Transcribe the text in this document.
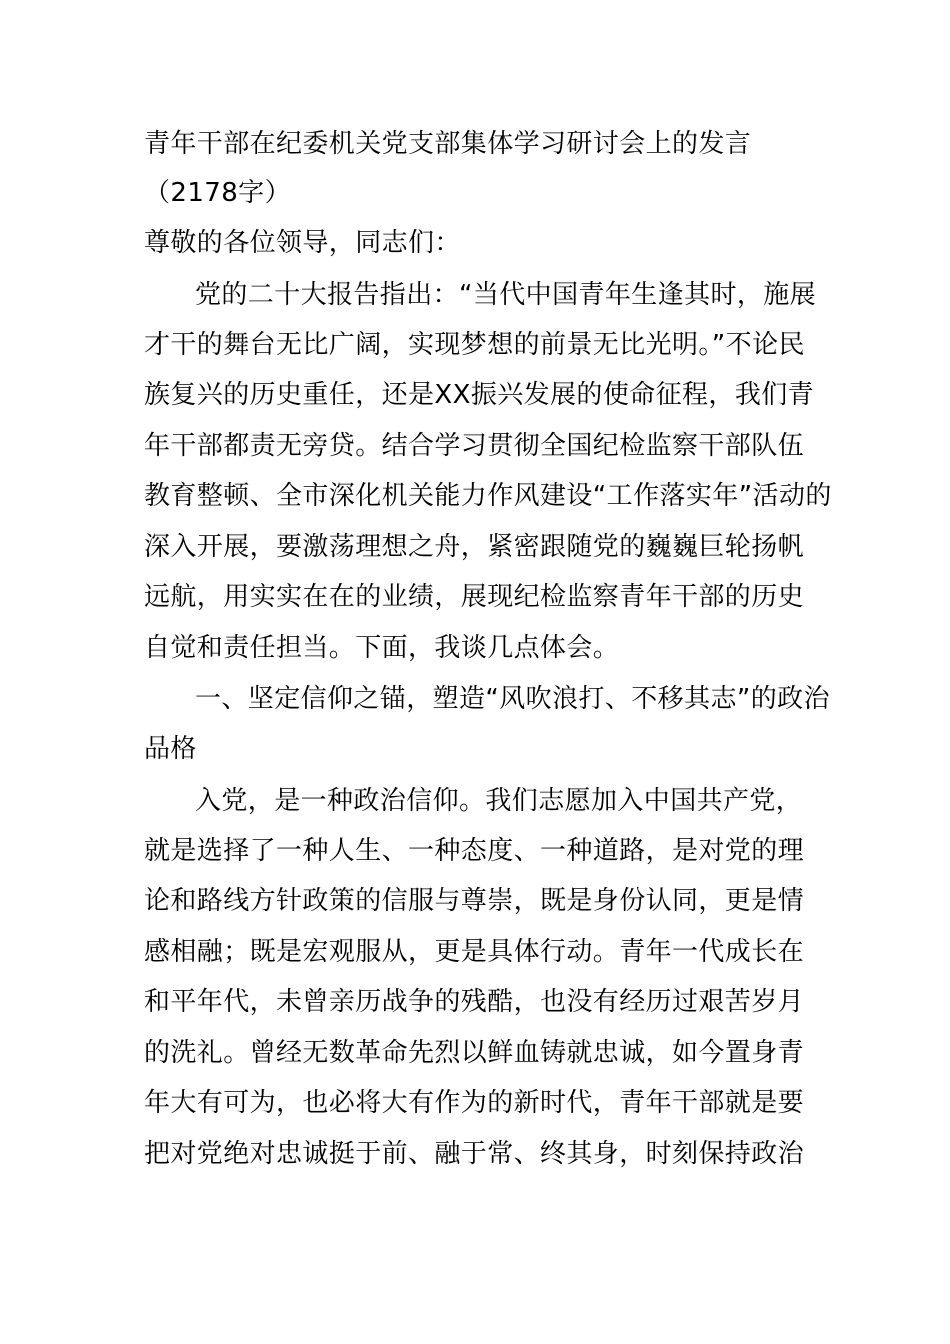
青年干部在纪委机关党支部集体学习研讨会上的发言
（2178字）
尊敬的各位领导，同志们：
党的二十大报告指出：“当代中国青年生逢其时，施展
才干的舞台无比广阔，实现梦想的前景无比光明。”不论民
族复兴的历史重任，还是XX振兴发展的使命征程，我们青
年干部都责无旁贷。结合学习贯彻全国纪检监察干部队伍
教育整顿、全市深化机关能力作风建设“工作落实年”活动的
深入开展，要激荡理想之舟，紧密跟随党的巍巍巨轮扬帆
远航，用实实在在的业绩，展现纪检监察青年干部的历史
自觉和责任担当。下面，我谈几点体会。
一、坚定信仰之锚，塑造“风吹浪打、不移其志”的政治
品格
入党，是一种政治信仰。我们志愿加入中国共产党，
就是选择了一种人生、一种态度、一种道路，是对党的理
论和路线方针政策的信服与尊崇，既是身份认同，更是情
感相融；既是宏观服从，更是具体行动。青年一代成长在
和平年代，未曾亲历战争的残酷，也没有经历过艰苦岁月
的洗礼。曾经无数革命先烈以鲜血铸就忠诚，如今置身青
年大有可为，也必将大有作为的新时代，青年干部就是要
把对党绝对忠诚挺于前、融于常、终其身，时刻保持政治
